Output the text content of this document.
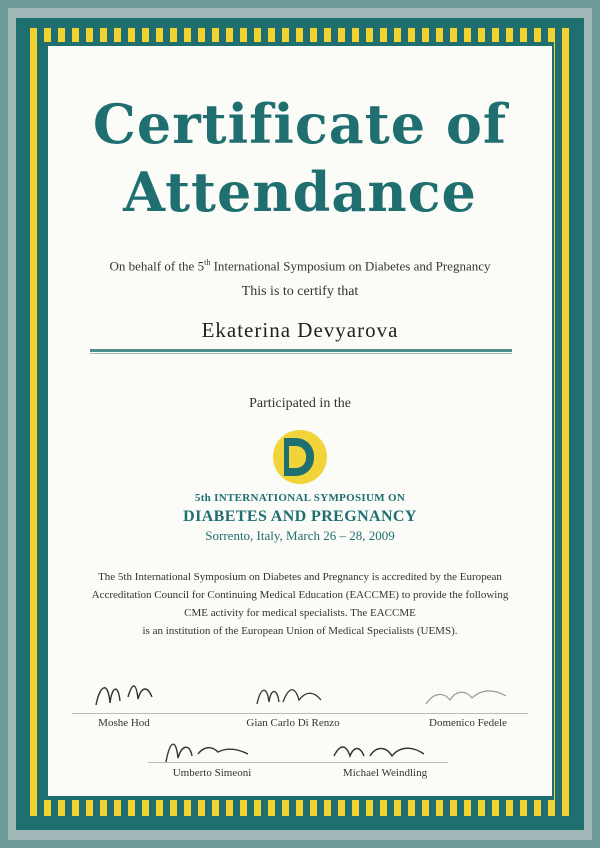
Certificate of
Attendance
On behalf of the 5th International Symposium on Diabetes and Pregnancy
This is to certify that
Ekaterina Devyarova
Participated in the
5th INTERNATIONAL SYMPOSIUM ON
DIABETES AND PREGNANCY
Sorrento, Italy, March 26 – 28, 2009
The 5th International Symposium on Diabetes and Pregnancy is accredited by the European
Accreditation Council for Continuing Medical Education (EACCME) to provide the following
CME activity for medical specialists. The EACCME
is an institution of the European Union of Medical Specialists (UEMS).
Moshe Hod	Gian Carlo Di Renzo	Domenico Fedele
Umberto Simeoni	Michael Weindling
